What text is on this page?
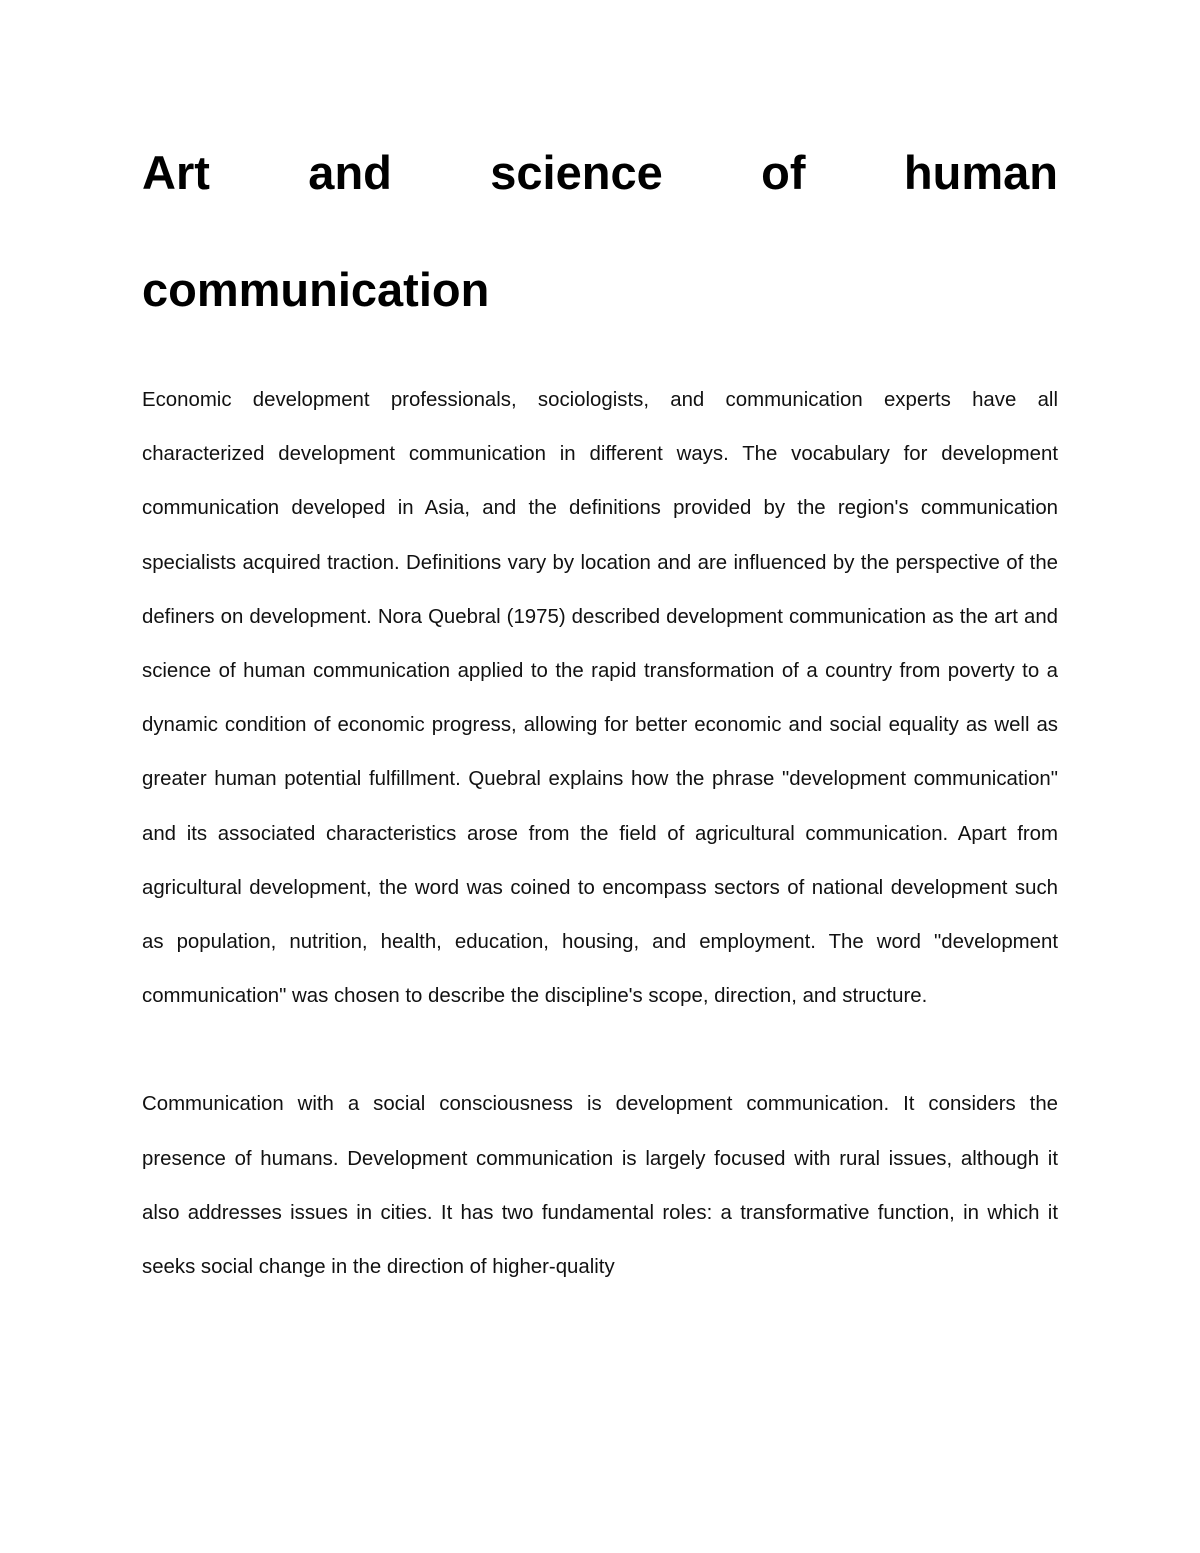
Art and science of human
communication

Economic development professionals, sociologists, and communication experts have all characterized development communication in different ways. The vocabulary for development communication developed in Asia, and the definitions provided by the region's communication specialists acquired traction. Definitions vary by location and are influenced by the perspective of the definers on development. Nora Quebral (1975) described development communication as the art and science of human communication applied to the rapid transformation of a country from poverty to a dynamic condition of economic progress, allowing for better economic and social equality as well as greater human potential fulfillment. Quebral explains how the phrase "development communication" and its associated characteristics arose from the field of agricultural communication. Apart from agricultural development, the word was coined to encompass sectors of national development such as population, nutrition, health, education, housing, and employment. The word "development communication" was chosen to describe the discipline's scope, direction, and structure.

Communication with a social consciousness is development communication. It considers the presence of humans. Development communication is largely focused with rural issues, although it also addresses issues in cities. It has two fundamental roles: a transformative function, in which it seeks social change in the direction of higher-quality
